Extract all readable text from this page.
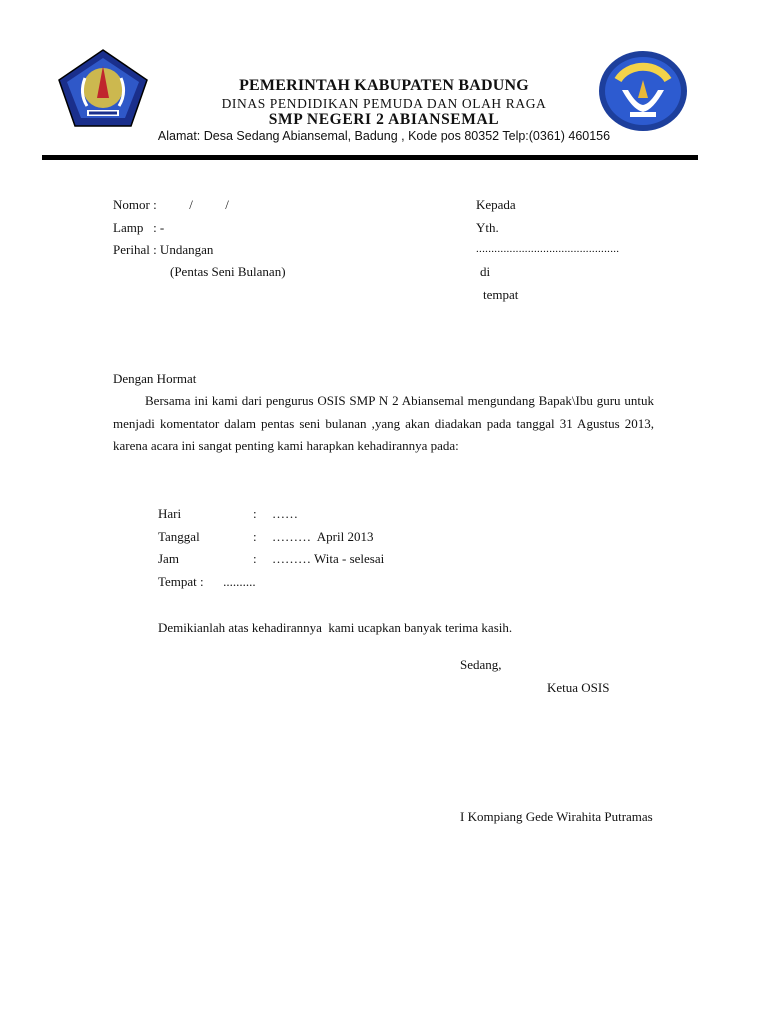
PEMERINTAH KABUPATEN BADUNG
DINAS PENDIDIKAN PEMUDA DAN OLAH RAGA
SMP NEGERI 2 ABIANSEMAL
Alamat: Desa Sedang Abiansemal, Badung , Kode pos 80352 Telp:(0361) 460156
Nomor :          /          /
Lamp   : -
Perihal : Undangan
(Pentas Seni Bulanan)
Kepada
Yth.
...............................................
di
tempat
Dengan Hormat
Bersama ini kami dari pengurus OSIS SMP N 2 Abiansemal mengundang Bapak\Ibu guru untuk menjadi komentator dalam pentas seni bulanan ,yang akan diadakan pada tanggal 31 Agustus 2013, karena acara ini sangat penting kami harapkan kehadirannya pada:
Hari	: ……
Tanggal	: ………  April 2013
Jam	: ……… Wita - selesai
Tempat :      ..........
Demikianlah atas kehadirannya  kami ucapkan banyak terima kasih.
Sedang,
Ketua OSIS
I Kompiang Gede Wirahita Putramas
